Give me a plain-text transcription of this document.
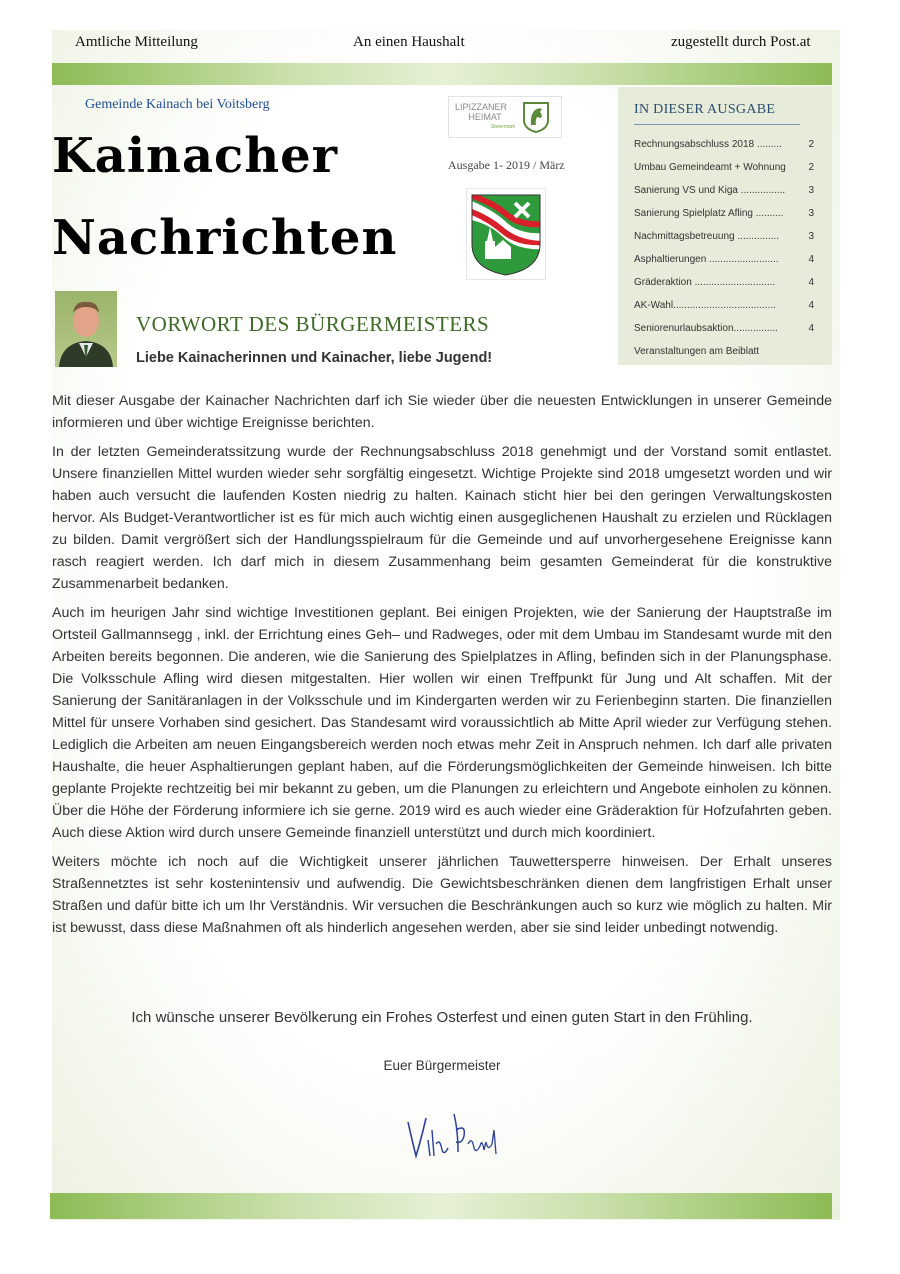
Amtliche Mitteilung	An einen Haushalt	zugestellt durch Post.at
Gemeinde Kainach bei Voitsberg
Kainacher
Nachrichten
LIPIZZANER
HEIMAT
Steiermark
Ausgabe 1- 2019 / März
IN DIESER AUSGABE
Rechnungsabschluss 2018 .........	2
Umbau Gemeindeamt + Wohnung 2
Sanierung VS und Kiga ................ 3
Sanierung Spielplatz Afling .......... 3
Nachmittagsbetreuung ...............	3
Asphaltierungen .........................	4
Gräderaktion .............................	4
AK-Wahl.....................................	4
Seniorenurlaubsaktion................	4
Veranstaltungen am Beiblatt
VORWORT DES BÜRGERMEISTERS
Liebe Kainacherinnen und Kainacher, liebe Jugend!

Mit dieser Ausgabe der Kainacher Nachrichten darf ich Sie wieder über die neuesten Entwicklungen in unserer Gemeinde informieren und über wichtige Ereignisse berichten.

In der letzten Gemeinderatssitzung wurde der Rechnungsabschluss 2018 genehmigt und der Vorstand somit entlastet. Unsere finanziellen Mittel wurden wieder sehr sorgfältig eingesetzt. Wichtige Projekte sind 2018 umgesetzt worden und wir haben auch versucht die laufenden Kosten niedrig zu halten. Kainach sticht hier bei den geringen Verwaltungskosten hervor. Als Budget-Verantwortlicher ist es für mich auch wichtig einen ausgeglichenen Haushalt zu erzielen und Rücklagen zu bilden. Damit vergrößert sich der Handlungsspielraum für die Gemeinde und auf unvorhergesehene Ereignisse kann rasch reagiert werden. Ich darf mich in diesem Zusammenhang beim gesamten Gemeinderat für die konstruktive Zusammenarbeit bedanken.

Auch im heurigen Jahr sind wichtige Investitionen geplant. Bei einigen Projekten, wie der Sanierung der Hauptstraße im Ortsteil Gallmannsegg , inkl. der Errichtung eines Geh– und Radweges, oder mit dem Umbau im Standesamt wurde mit den Arbeiten bereits begonnen. Die anderen, wie die Sanierung des Spielplatzes in Afling, befinden sich in der Planungsphase. Die Volksschule Afling wird diesen mitgestalten. Hier wollen wir einen Treffpunkt für Jung und Alt schaffen. Mit der Sanierung der Sanitäranlagen in der Volksschule und im Kindergarten werden wir zu Ferienbeginn starten. Die finanziellen Mittel für unsere Vorhaben sind gesichert. Das Standesamt wird voraussichtlich ab Mitte April wieder zur Verfügung stehen. Lediglich die Arbeiten am neuen Eingangsbereich werden noch etwas mehr Zeit in Anspruch nehmen. Ich darf alle privaten Haushalte, die heuer Asphaltierungen geplant haben, auf die Förderungsmöglichkeiten der Gemeinde hinweisen. Ich bitte geplante Projekte rechtzeitig bei mir bekannt zu geben, um die Planungen zu erleichtern und Angebote einholen zu können. Über die Höhe der Förderung informiere ich sie gerne. 2019 wird es auch wieder eine Gräderaktion für Hofzufahrten geben. Auch diese Aktion wird durch unsere Gemeinde finanziell unterstützt und durch mich koordiniert.

Weiters möchte ich noch auf die Wichtigkeit unserer jährlichen Tauwettersperre hinweisen. Der Erhalt unseres Straßennetztes ist sehr kostenintensiv und aufwendig. Die Gewichtsbeschränken dienen dem langfristigen Erhalt unser Straßen und dafür bitte ich um Ihr Verständnis. Wir versuchen die Beschränkungen auch so kurz wie möglich zu halten. Mir ist bewusst, dass diese Maßnahmen oft als hinderlich angesehen werden, aber sie sind leider unbedingt notwendig.

Ich wünsche unserer Bevölkerung ein Frohes Osterfest und einen guten Start in den Frühling.
Euer Bürgermeister
